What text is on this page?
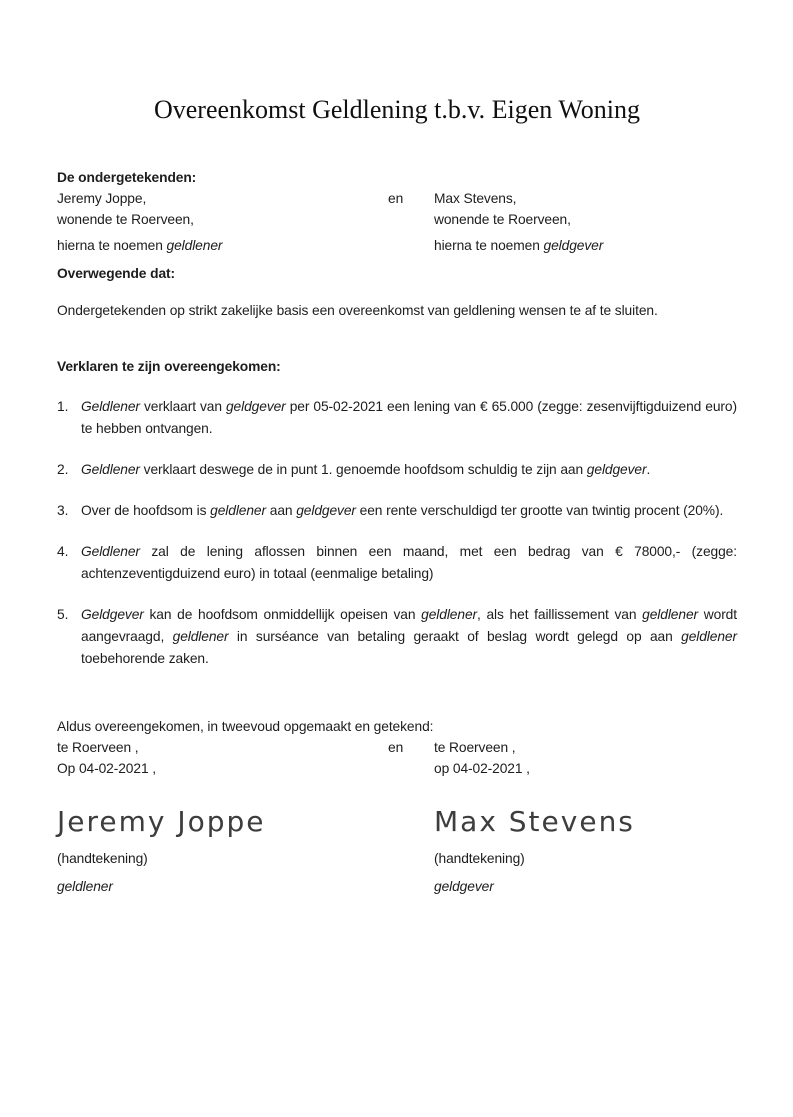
Overeenkomst Geldlening t.b.v. Eigen Woning

De ondergetekenden:

Jeremy Joppe,	en	Max Stevens,

wonende te Roerveen,	wonende te Roerveen,

hierna te noemen geldlener	hierna te noemen geldgever

Overwegende dat:

Ondergetekenden op strikt zakelijke basis een overeenkomst van geldlening wensen te af te sluiten.

Verklaren te zijn overeengekomen:

1. Geldlener verklaart van geldgever per 05-02-2021 een lening van € 65.000 (zegge: zesenvijftigduizend euro) te hebben ontvangen.
2. Geldlener verklaart deswege de in punt 1. genoemde hoofdsom schuldig te zijn aan geldgever.
3. Over de hoofdsom is geldlener aan geldgever een rente verschuldigd ter grootte van twintig procent (20%).
4. Geldlener zal de lening aflossen binnen een maand, met een bedrag van € 78000,- (zegge: achtenzeventigduizend euro) in totaal (eenmalige betaling)
5. Geldgever kan de hoofdsom onmiddellijk opeisen van geldlener, als het faillissement van geldlener wordt aangevraagd, geldlener in surséance van betaling geraakt of beslag wordt gelegd op aan geldlener toebehorende zaken.

Aldus overeengekomen, in tweevoud opgemaakt en getekend:

te Roerveen ,	en	te Roerveen ,

Op 04-02-2021 ,	op 04-02-2021 ,

Jeremy Joppe	Max Stevens

(handtekening)	(handtekening)

geldlener	geldgever
